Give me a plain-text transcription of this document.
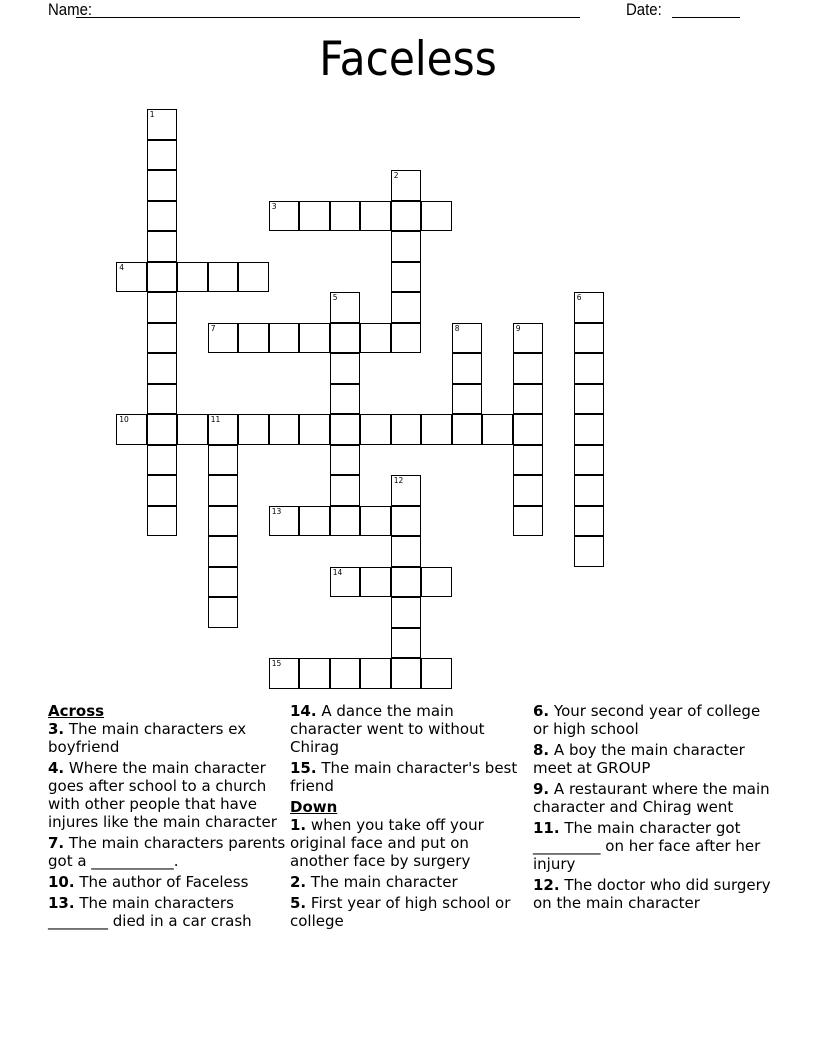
Name:	Date:
Faceless
1
2
3
4
5	6
7	8	9
10	11
12
13
14
15
Across
3. The main characters ex boyfriend
4. Where the main character goes after school to a church with other people that have injures like the main character
7. The main characters parents got a ___________.
10. The author of Faceless
13. The main characters ________ died in a car crash
14. A dance the main character went to without Chirag
15. The main character's best friend
Down
1. when you take off your original face and put on another face by surgery
2. The main character
5. First year of high school or college
6. Your second year of college or high school
8. A boy the main character meet at GROUP
9. A restaurant where the main character and Chirag went
11. The main character got _________ on her face after her injury
12. The doctor who did surgery on the main character
